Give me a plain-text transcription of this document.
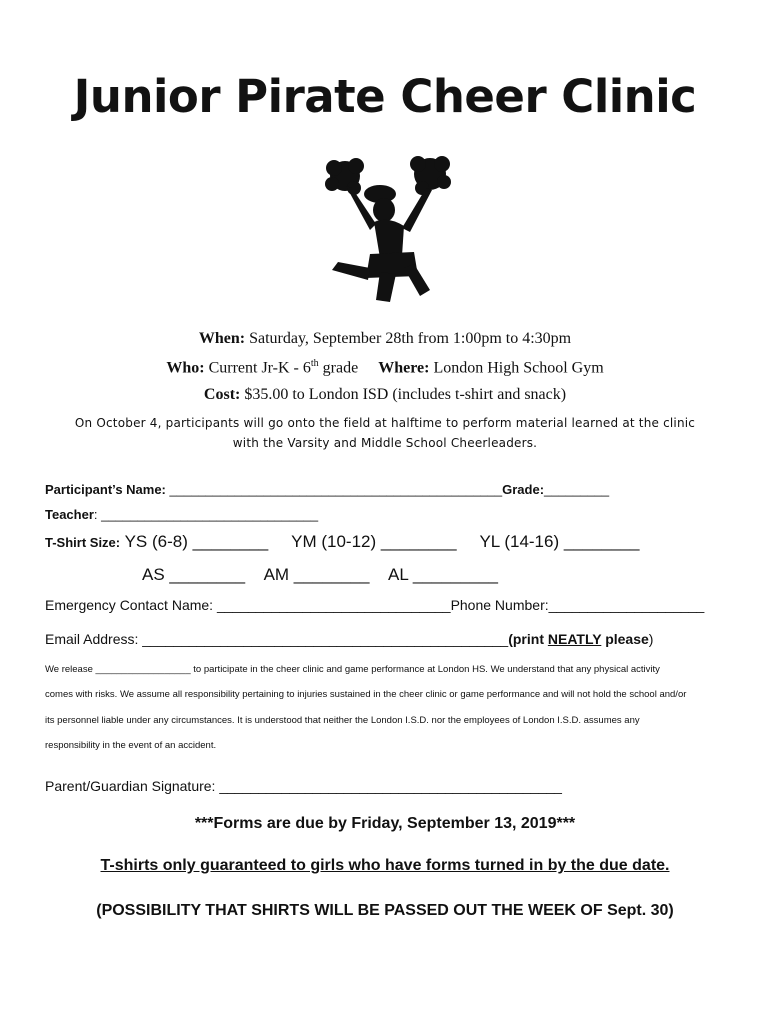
Junior Pirate Cheer Clinic
When: Saturday, September 28th from 1:00pm to 4:30pm
Who: Current Jr-K - 6th grade Where: London High School Gym
Cost: $35.00 to London ISD (includes t-shirt and snack)
On October 4, participants will go onto the field at halftime to perform material learned at the clinic
with the Varsity and Middle School Cheerleaders.
Participant’s Name: ______________________________________________Grade:_________
Teacher: ______________________________
T-Shirt Size: YS (6-8) ________ YM (10-12) ________ YL (14-16) ________
AS ________ AM ________ AL _________
Emergency Contact Name: ______________________________Phone Number:____________________
Email Address: _______________________________________________(print NEATLY please)
We release __________________ to participate in the cheer clinic and game performance at London HS. We understand that any physical activity
comes with risks. We assume all responsibility pertaining to injuries sustained in the cheer clinic or game performance and will not hold the school and/or
its personnel liable under any circumstances. It is understood that neither the London I.S.D. nor the employees of London I.S.D. assumes any
responsibility in the event of an accident.
Parent/Guardian Signature: ____________________________________________
***Forms are due by Friday, September 13, 2019***
T-shirts only guaranteed to girls who have forms turned in by the due date.
(POSSIBILITY THAT SHIRTS WILL BE PASSED OUT THE WEEK OF Sept. 30)
